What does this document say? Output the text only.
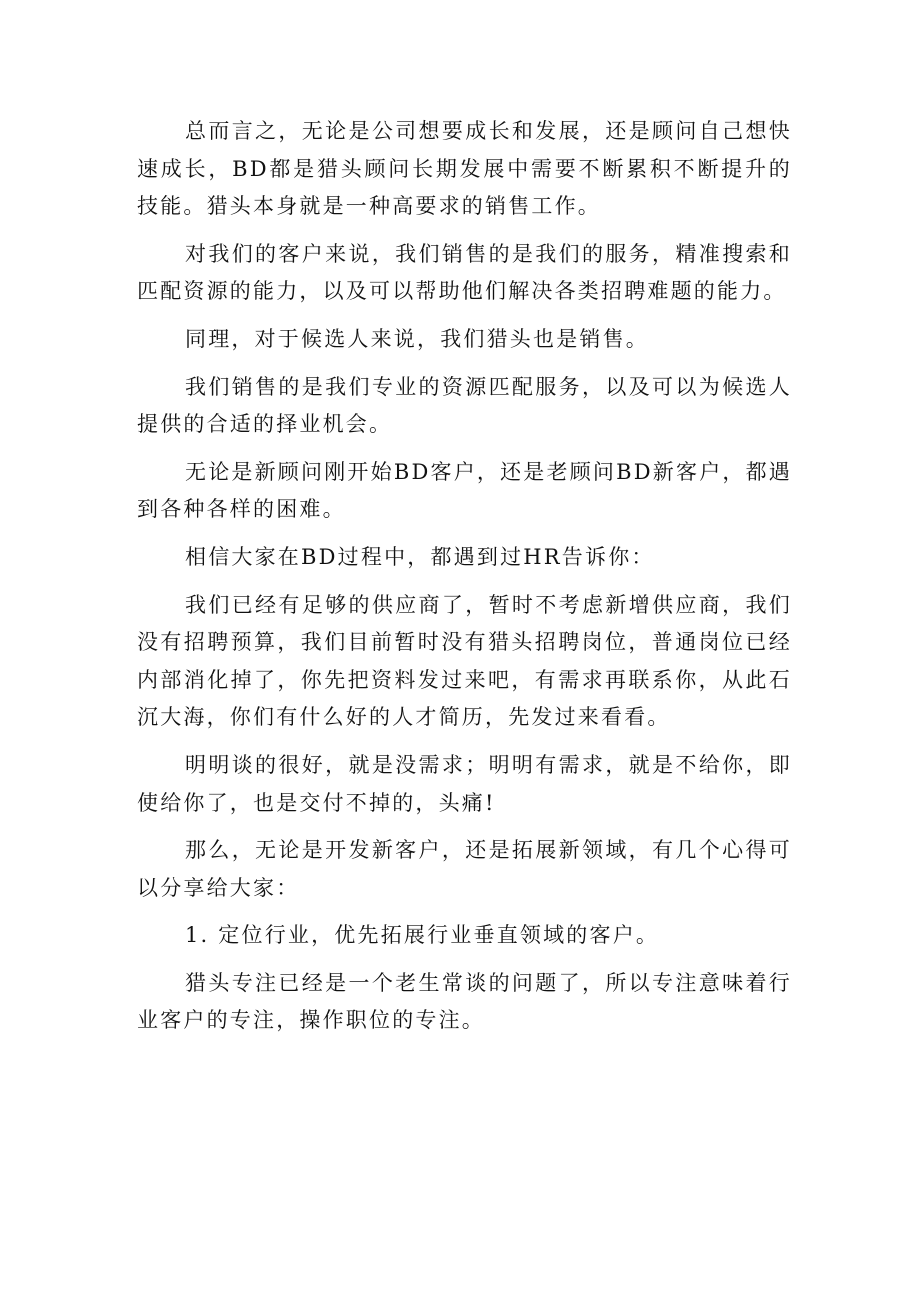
总而言之，无论是公司想要成长和发展，还是顾问自己想快速成长，BD都是猎头顾问长期发展中需要不断累积不断提升的技能。猎头本身就是一种高要求的销售工作。

对我们的客户来说，我们销售的是我们的服务，精准搜索和匹配资源的能力，以及可以帮助他们解决各类招聘难题的能力。

同理，对于候选人来说，我们猎头也是销售。

我们销售的是我们专业的资源匹配服务，以及可以为候选人提供的合适的择业机会。

无论是新顾问刚开始BD客户，还是老顾问BD新客户，都遇到各种各样的困难。

相信大家在BD过程中，都遇到过HR告诉你：

我们已经有足够的供应商了，暂时不考虑新增供应商，我们没有招聘预算，我们目前暂时没有猎头招聘岗位，普通岗位已经内部消化掉了，你先把资料发过来吧，有需求再联系你，从此石沉大海，你们有什么好的人才简历，先发过来看看。

明明谈的很好，就是没需求；明明有需求，就是不给你，即使给你了，也是交付不掉的，头痛!

那么，无论是开发新客户，还是拓展新领域，有几个心得可以分享给大家：

1. 定位行业，优先拓展行业垂直领域的客户。

猎头专注已经是一个老生常谈的问题了，所以专注意味着行业客户的专注，操作职位的专注。
